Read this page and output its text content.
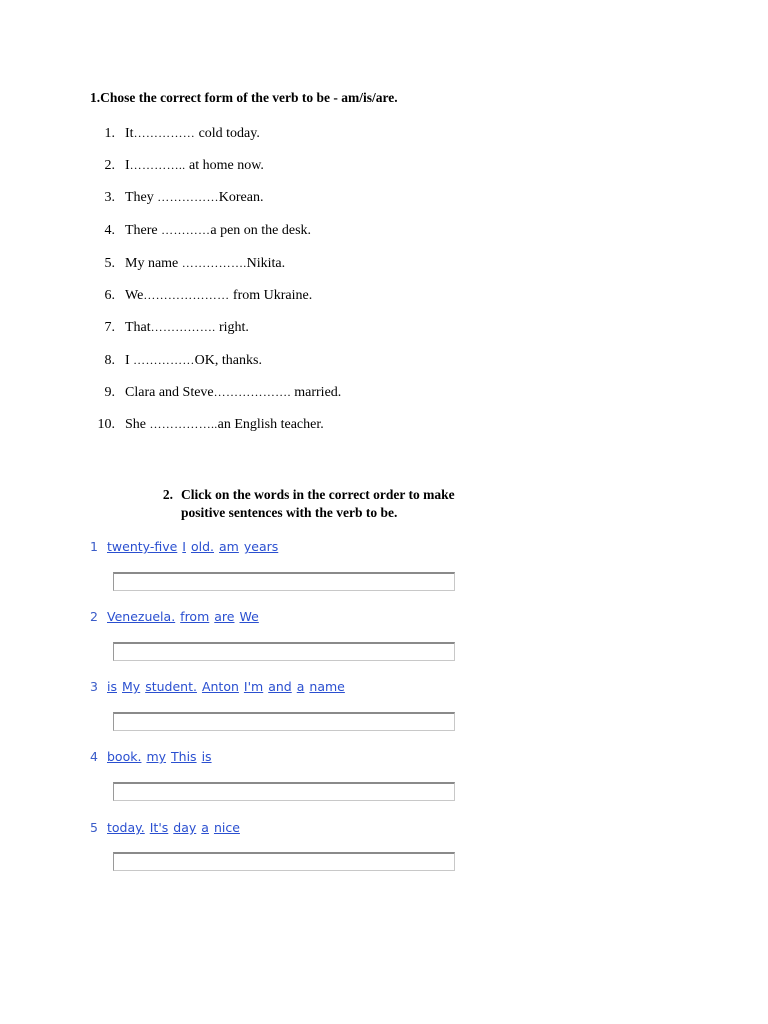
1.Chose the correct form of the verb to be - am/is/are.
1. It…………… cold today.
2. I………….. at home now.
3. They ……………Korean.
4. There …………a pen on the desk.
5. My name …………….Nikita.
6. We………………… from Ukraine.
7. That……………. right.
8. I ……………OK, thanks.
9. Clara and Steve………………. married.
10. She ……………..an English teacher.
2. Click on the words in the correct order to make
positive sentences with the verb to be.
1 twenty-five I old. am years
2 Venezuela. from are We
3 is My student. Anton I'm and a name
4 book. my This is
5 today. It's day a nice
